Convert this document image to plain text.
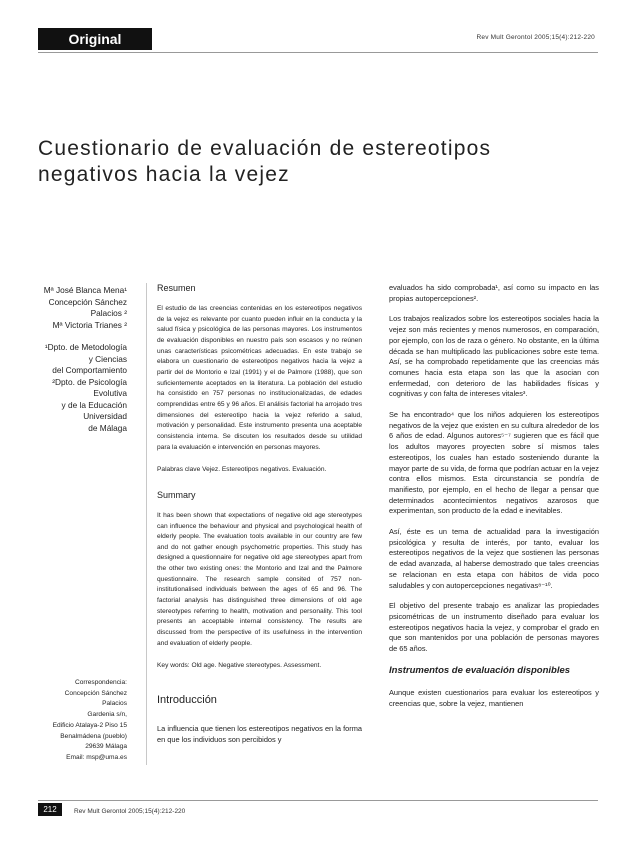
Original	Rev Mult Gerontol 2005;15(4):212-220
Cuestionario de evaluación de estereotipos negativos hacia la vejez
Mª José Blanca Mena¹
Concepción Sánchez
Palacios ²
Mª Victoria Trianes ²
¹Dpto. de Metodología
y Ciencias
del Comportamiento
²Dpto. de Psicología
Evolutiva
y de la Educación
Universidad
de Málaga
Correspondencia:
Concepción Sánchez
Palacios
Gardenia s/n,
Edificio Atalaya-2 Piso 15
Benalmádena (pueblo)
29639 Málaga
Email: msp@uma.es
Resumen

El estudio de las creencias contenidas en los estereotipos negativos de la vejez es relevante por cuanto pueden influir en la conducta y la salud física y psicológica de las personas mayores. Los instrumentos de evaluación disponibles en nuestro país son escasos y no reúnen unas características psicométricas adecuadas. En este trabajo se elabora un cuestionario de estereotipos negativos hacia la vejez a partir del de Montorio e Izal (1991) y el de Palmore (1988), que son suficientemente aceptados en la literatura. La población del estudio ha consistido en 757 personas no institucionalizadas, de edades comprendidas entre 65 y 96 años. El análisis factorial ha arrojado tres dimensiones del estereotipo hacia la vejez referido a salud, motivación y personalidad. Este instrumento presenta una aceptable consistencia interna. Se discuten los resultados desde su utilidad para la evaluación e intervención en personas mayores.

Palabras clave Vejez. Estereotipos negativos. Evaluación.

Summary

It has been shown that expectations of negative old age stereotypes can influence the behaviour and physical and psychological health of elderly people. The evaluation tools available in our country are few and do not gather enough psychometric properties. This study has designed a questionnaire for negative old age stereotypes apart from the other two existing ones: the Montorio and Izal and the Palmore questionnaire. The research sample consited of 757 non-institutionalised individuals between the ages of 65 and 96. The factorial analysis has distinguished three dimensions of old age stereotypes referring to health, motivation and personality. This tool presents an acceptable internal consistency. The results are discussed from the perspective of its usefulness in the intervention and evaluation of elderly people.

Key words: Old age. Negative stereotypes. Assessment.

Introducción

La influencia que tienen los estereotipos negativos en la forma en que los individuos son percibidos y

evaluados ha sido comprobada¹, así como su impacto en las propias autopercepciones².

Los trabajos realizados sobre los estereotipos sociales hacia la vejez son más recientes y menos numerosos, en comparación, por ejemplo, con los de raza o género. No obstante, en la última década se han multiplicado las publicaciones sobre este tema. Así, se ha comprobado repetidamente que las creencias más comunes hacia esta etapa son las que la asocian con enfermedad, con deterioro de las habilidades físicas y cognitivas y con falta de intereses vitales³.

Se ha encontrado⁴ que los niños adquieren los estereotipos negativos de la vejez que existen en su cultura alrededor de los 6 años de edad. Algunos autores⁵⁻⁷ sugieren que es fácil que los adultos mayores proyecten sobre sí mismos tales estereotipos, los cuales han estado sosteniendo durante la mayor parte de su vida, de forma que podrían actuar en la vejez contra ellos mismos. Esta circunstancia se pondría de manifiesto, por ejemplo, en el hecho de llegar a pensar que determinados acontecimientos negativos azarosos que experimentan, son producto de la edad e inevitables.

Así, éste es un tema de actualidad para la investigación psicológica y resulta de interés, por tanto, evaluar los estereotipos negativos de la vejez que sostienen las personas de edad avanzada, al haberse demostrado que tales creencias se relacionan en esta etapa con hábitos de vida poco saludables y con autopercepciones negativas⁸⁻¹⁰.

El objetivo del presente trabajo es analizar las propiedades psicométricas de un instrumento diseñado para evaluar los estereotipos negativos hacia la vejez, y comprobar el grado en que son mantenidos por una población de personas mayores de 65 años.

Instrumentos de evaluación disponibles

Aunque existen cuestionarios para evaluar los estereotipos y creencias que, sobre la vejez, mantienen

212	Rev Mult Gerontol 2005;15(4):212-220
